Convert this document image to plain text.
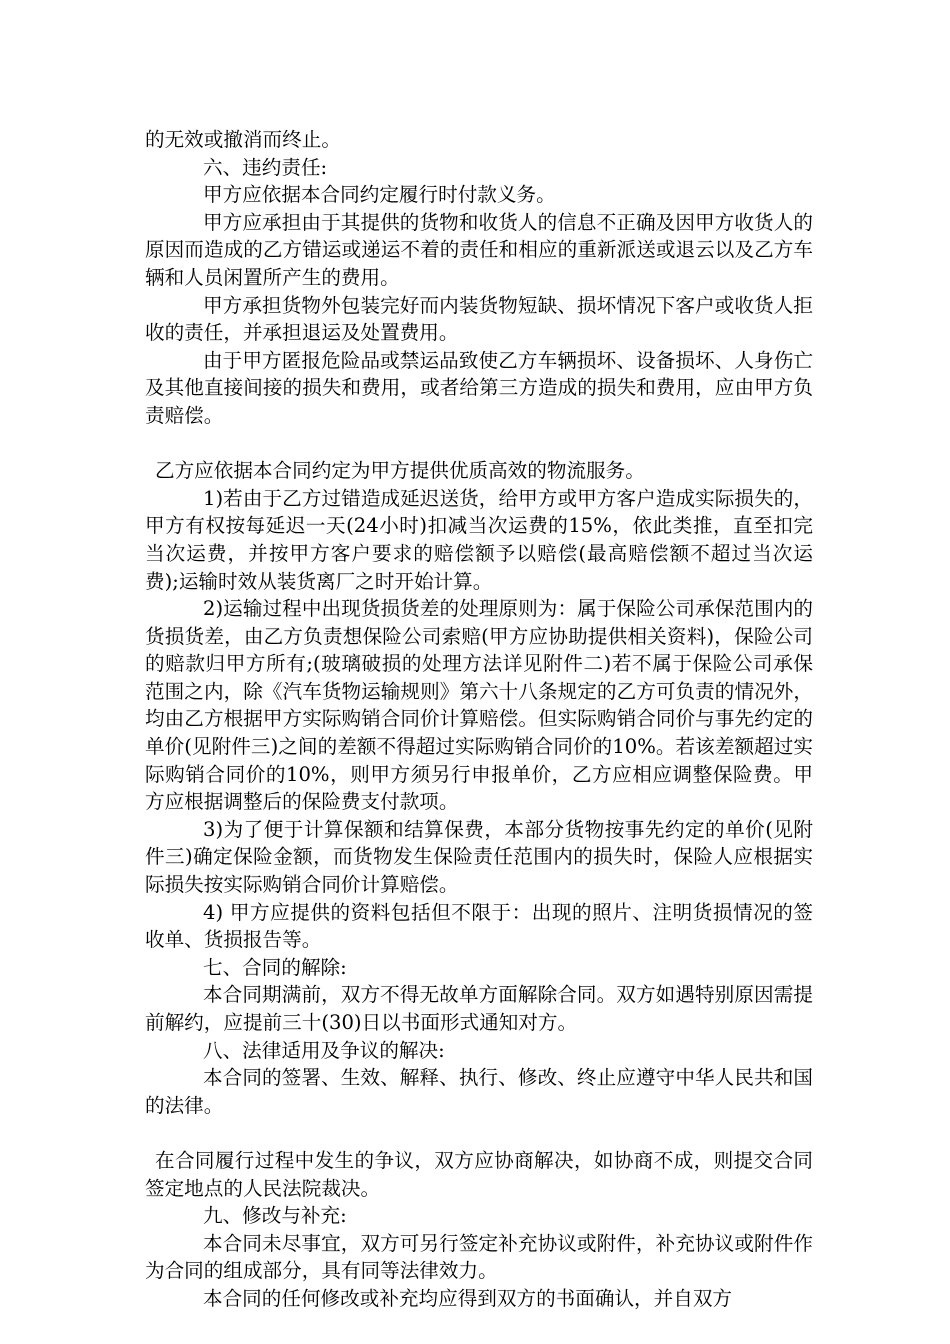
的无效或撤消而终止。

六、违约责任:

甲方应依据本合同约定履行时付款义务。

甲方应承担由于其提供的货物和收货人的信息不正确及因甲方收货人的原因而造成的乙方错运或递运不着的责任和相应的重新派送或退云以及乙方车辆和人员闲置所产生的费用。

甲方承担货物外包装完好而内装货物短缺、损坏情况下客户或收货人拒收的责任，并承担退运及处置费用。

由于甲方匿报危险品或禁运品致使乙方车辆损坏、设备损坏、人身伤亡及其他直接间接的损失和费用，或者给第三方造成的损失和费用，应由甲方负责赔偿。

乙方应依据本合同约定为甲方提供优质高效的物流服务。

1)若由于乙方过错造成延迟送货，给甲方或甲方客户造成实际损失的，甲方有权按每延迟一天(24小时)扣减当次运费的15%，依此类推，直至扣完当次运费，并按甲方客户要求的赔偿额予以赔偿(最高赔偿额不超过当次运费);运输时效从装货离厂之时开始计算。

2)运输过程中出现货损货差的处理原则为：属于保险公司承保范围内的货损货差，由乙方负责想保险公司索赔(甲方应协助提供相关资料)，保险公司的赔款归甲方所有;(玻璃破损的处理方法详见附件二)若不属于保险公司承保范围之内，除《汽车货物运输规则》第六十八条规定的乙方可负责的情况外，均由乙方根据甲方实际购销合同价计算赔偿。但实际购销合同价与事先约定的单价(见附件三)之间的差额不得超过实际购销合同价的10%。若该差额超过实际购销合同价的10%，则甲方须另行申报单价，乙方应相应调整保险费。甲方应根据调整后的保险费支付款项。

3)为了便于计算保额和结算保费，本部分货物按事先约定的单价(见附件三)确定保险金额，而货物发生保险责任范围内的损失时，保险人应根据实际损失按实际购销合同价计算赔偿。

4) 甲方应提供的资料包括但不限于：出现的照片、注明货损情况的签收单、货损报告等。

七、合同的解除:

本合同期满前，双方不得无故单方面解除合同。双方如遇特别原因需提前解约，应提前三十(30)日以书面形式通知对方。

八、法律适用及争议的解决:

本合同的签署、生效、解释、执行、修改、终止应遵守中华人民共和国的法律。

在合同履行过程中发生的争议，双方应协商解决，如协商不成，则提交合同签定地点的人民法院裁决。

九、修改与补充:

本合同未尽事宜，双方可另行签定补充协议或附件，补充协议或附件作为合同的组成部分，具有同等法律效力。

本合同的任何修改或补充均应得到双方的书面确认，并自双方
